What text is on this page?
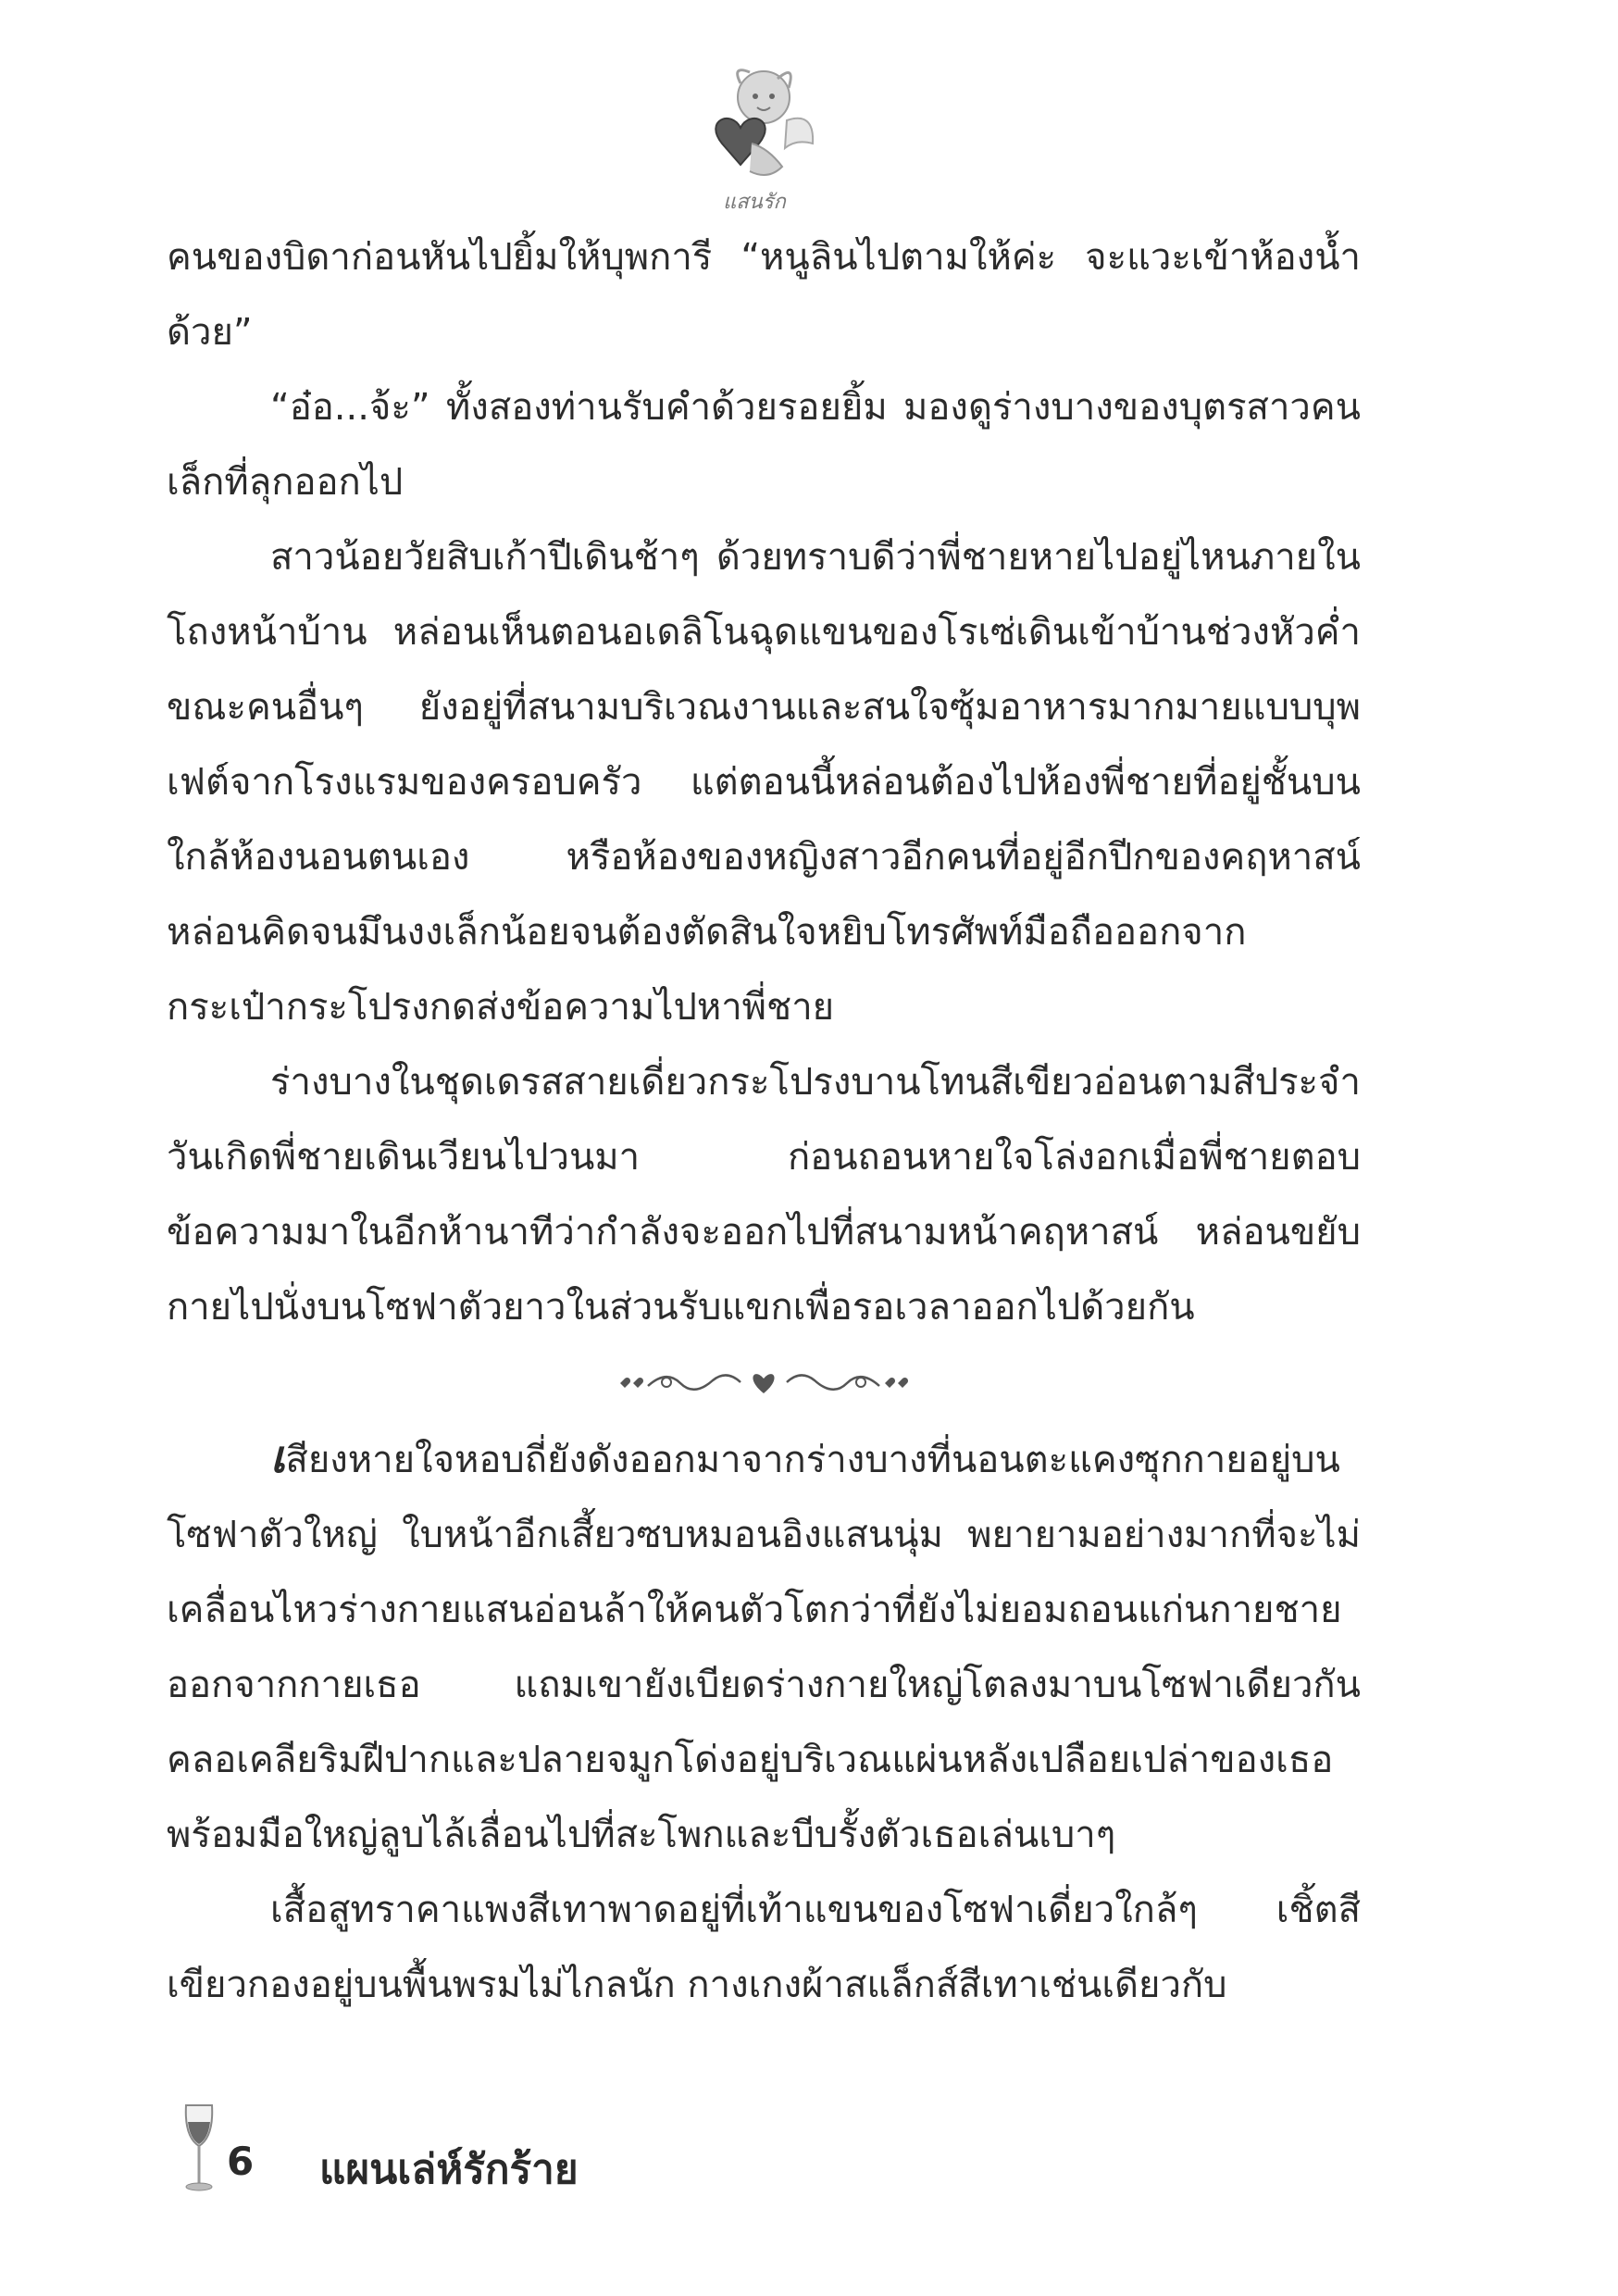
แสนรัก

คนของบิดาก่อนหันไปยิ้มให้บุพการี “หนูลินไปตามให้ค่ะ จะแวะเข้าห้องน้ำด้วย”

“อ๋อ...จ้ะ” ทั้งสองท่านรับคำด้วยรอยยิ้ม มองดูร่างบางของบุตรสาวคนเล็กที่ลุกออกไป

สาวน้อยวัยสิบเก้าปีเดินช้าๆ ด้วยทราบดีว่าพี่ชายหายไปอยู่ไหนภายในโถงหน้าบ้าน หล่อนเห็นตอนอเดลิโนฉุดแขนของโรเซ่เดินเข้าบ้านช่วงหัวค่ำ ขณะคนอื่นๆ ยังอยู่ที่สนามบริเวณงานและสนใจซุ้มอาหารมากมายแบบบุพเฟต์จากโรงแรมของครอบครัว แต่ตอนนี้หล่อนต้องไปห้องพี่ชายที่อยู่ชั้นบนใกล้ห้องนอนตนเอง หรือห้องของหญิงสาวอีกคนที่อยู่อีกปีกของคฤหาสน์ หล่อนคิดจนมึนงงเล็กน้อยจนต้องตัดสินใจหยิบโทรศัพท์มือถือออกจากกระเป๋ากระโปรงกดส่งข้อความไปหาพี่ชาย

ร่างบางในชุดเดรสสายเดี่ยวกระโปรงบานโทนสีเขียวอ่อนตามสีประจำวันเกิดพี่ชายเดินเวียนไปวนมา ก่อนถอนหายใจโล่งอกเมื่อพี่ชายตอบข้อความมาในอีกห้านาทีว่ากำลังจะออกไปที่สนามหน้าคฤหาสน์ หล่อนขยับกายไปนั่งบนโซฟาตัวยาวในส่วนรับแขกเพื่อรอเวลาออกไปด้วยกัน

เสียงหายใจหอบถี่ยังดังออกมาจากร่างบางที่นอนตะแคงซุกกายอยู่บนโซฟาตัวใหญ่ ใบหน้าอีกเสี้ยวซบหมอนอิงแสนนุ่ม พยายามอย่างมากที่จะไม่เคลื่อนไหวร่างกายแสนอ่อนล้าให้คนตัวโตกว่าที่ยังไม่ยอมถอนแก่นกายชายออกจากกายเธอ แถมเขายังเบียดร่างกายใหญ่โตลงมาบนโซฟาเดียวกัน คลอเคลียริมฝีปากและปลายจมูกโด่งอยู่บริเวณแผ่นหลังเปลือยเปล่าของเธอ พร้อมมือใหญ่ลูบไล้เลื่อนไปที่สะโพกและบีบรั้งตัวเธอเล่นเบาๆ

เสื้อสูทราคาแพงสีเทาพาดอยู่ที่เท้าแขนของโซฟาเดี่ยวใกล้ๆ เชิ้ตสีเขียวกองอยู่บนพื้นพรมไม่ไกลนัก กางเกงผ้าสแล็กส์สีเทาเช่นเดียวกับ

6 แผนเล่ห์รักร้าย
